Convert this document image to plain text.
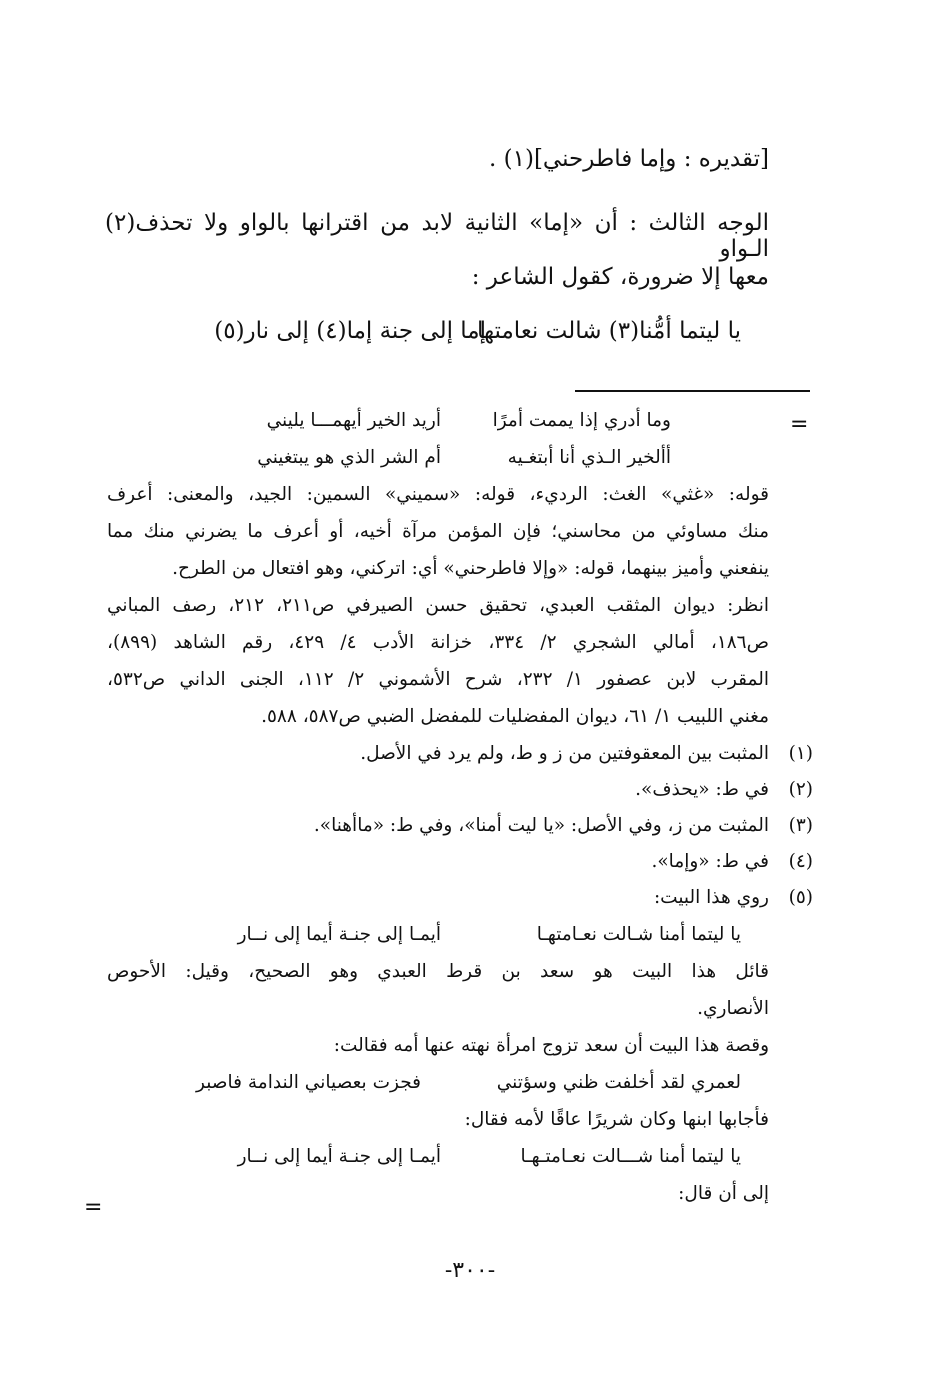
[تقديره : وإما فاطرحني](١) .
الوجه الثالث : أن «إما» الثانية لابد من اقترانها بالواو ولا تحذف(٢) الـواو
معها إلا ضرورة، كقول الشاعر :
يا ليتما أمُّنا(٣) شالت نعامتها
إما إلى جنة إما(٤) إلى نار(٥)
=
وما أدري إذا يممت أمرًا
أريد الخير أيهمـــا يليني
أألخير الـذي أنا أبتغـيه
أم الشر الذي هو يبتغيني
قوله: «غثي» الغث: الرديء، قوله: «سميني» السمين: الجيد، والمعنى: أعرف
منك مساوئي من محاسني؛ فإن المؤمن مرآة أخيه، أو أعرف ما يضرني منك مما
ينفعني وأميز بينهما، قوله: «وإلا فاطرحني» أي: اتركني، وهو افتعال من الطرح.
انظر: ديوان المثقب العبدي، تحقيق حسن الصيرفي ص٢١١، ٢١٢، رصف المباني
ص١٨٦، أمالي الشجري ٢/ ٣٣٤، خزانة الأدب ٤/ ٤٢٩، رقم الشاهد (٨٩٩)،
المقرب لابن عصفور ١/ ٢٣٢، شرح الأشموني ٢/ ١١٢، الجنى الداني ص٥٣٢،
مغني اللبيب ١/ ٦١، ديوان المفضليات للمفضل الضبي ص٥٨٧، ٥٨٨.
(١)
المثبت بين المعقوفتين من ز و ط، ولم يرد في الأصل.
(٢)
في ط: «يحذف».
(٣)
المثبت من ز، وفي الأصل: «يا ليت أمنا»، وفي ط: «ماأهنا».
(٤)
في ط: «وإما».
(٥)
روي هذا البيت:
يا ليتما أمنا شـالت نعـامتهـا
أيمـا إلى جنـة أيما إلى نــار
قائل هذا البيت هو سعد بن قرط العبدي وهو الصحيح، وقيل: الأحوص
الأنصاري.
وقصة هذا البيت أن سعد تزوج امرأة نهته عنها أمه فقالت:
لعمري لقد أخلفت ظني وسؤتني
فجزت بعصياني الندامة فاصبر
فأجابها ابنها وكان شريرًا عاقًا لأمه فقال:
يا ليتما أمنا شـــالت نعـامتـهـا
أيمـا إلى جنـة أيما إلى نــار
إلى أن قال:
=
-٣٠٠-
